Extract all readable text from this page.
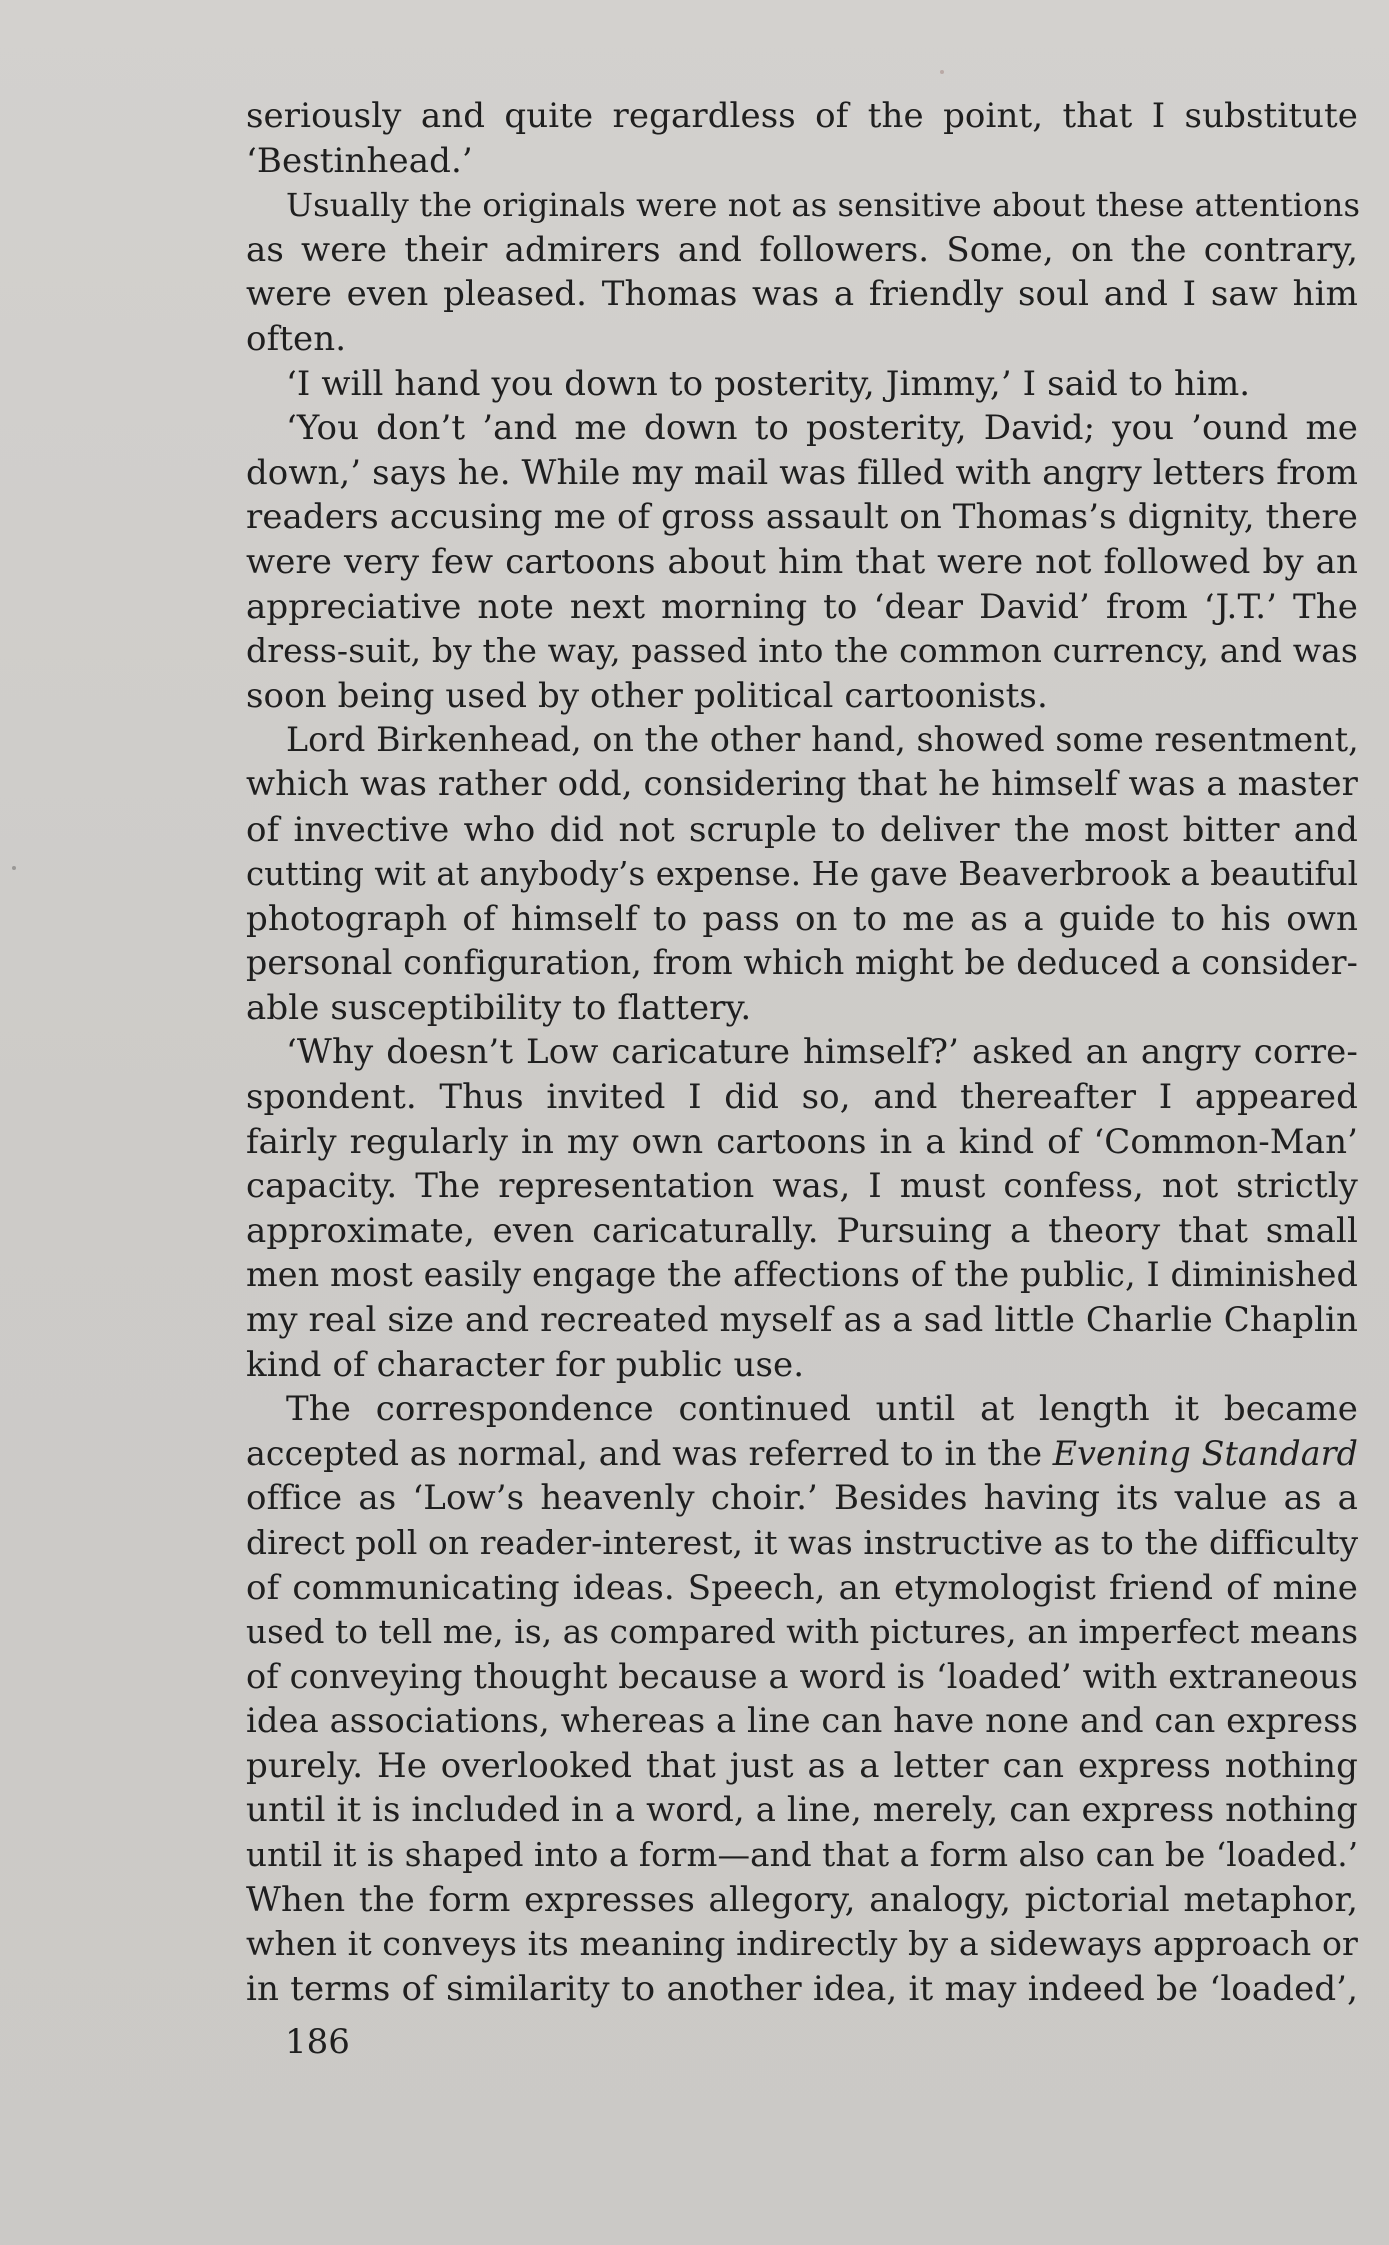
seriously and quite regardless of the point, that I substitute
‘Bestinhead.’
Usually the originals were not as sensitive about these attentions
as were their admirers and followers. Some, on the contrary,
were even pleased. Thomas was a friendly soul and I saw him
often.
‘I will hand you down to posterity, Jimmy,’ I said to him.
‘You don’t ’and me down to posterity, David; you ’ound me
down,’ says he. While my mail was filled with angry letters from
readers accusing me of gross assault on Thomas’s dignity, there
were very few cartoons about him that were not followed by an
appreciative note next morning to ‘dear David’ from ‘J.T.’ The
dress-suit, by the way, passed into the common currency, and was
soon being used by other political cartoonists.
Lord Birkenhead, on the other hand, showed some resentment,
which was rather odd, considering that he himself was a master
of invective who did not scruple to deliver the most bitter and
cutting wit at anybody’s expense. He gave Beaverbrook a beautiful
photograph of himself to pass on to me as a guide to his own
personal configuration, from which might be deduced a consider-
able susceptibility to flattery.
‘Why doesn’t Low caricature himself?’ asked an angry corre-
spondent. Thus invited I did so, and thereafter I appeared
fairly regularly in my own cartoons in a kind of ‘Common-Man’
capacity. The representation was, I must confess, not strictly
approximate, even caricaturally. Pursuing a theory that small
men most easily engage the affections of the public, I diminished
my real size and recreated myself as a sad little Charlie Chaplin
kind of character for public use.
The correspondence continued until at length it became
accepted as normal, and was referred to in the Evening Standard
office as ‘Low’s heavenly choir.’ Besides having its value as a
direct poll on reader-interest, it was instructive as to the difficulty
of communicating ideas. Speech, an etymologist friend of mine
used to tell me, is, as compared with pictures, an imperfect means
of conveying thought because a word is ‘loaded’ with extraneous
idea associations, whereas a line can have none and can express
purely. He overlooked that just as a letter can express nothing
until it is included in a word, a line, merely, can express nothing
until it is shaped into a form—and that a form also can be ‘loaded.’
When the form expresses allegory, analogy, pictorial metaphor,
when it conveys its meaning indirectly by a sideways approach or
in terms of similarity to another idea, it may indeed be ‘loaded’,
186
